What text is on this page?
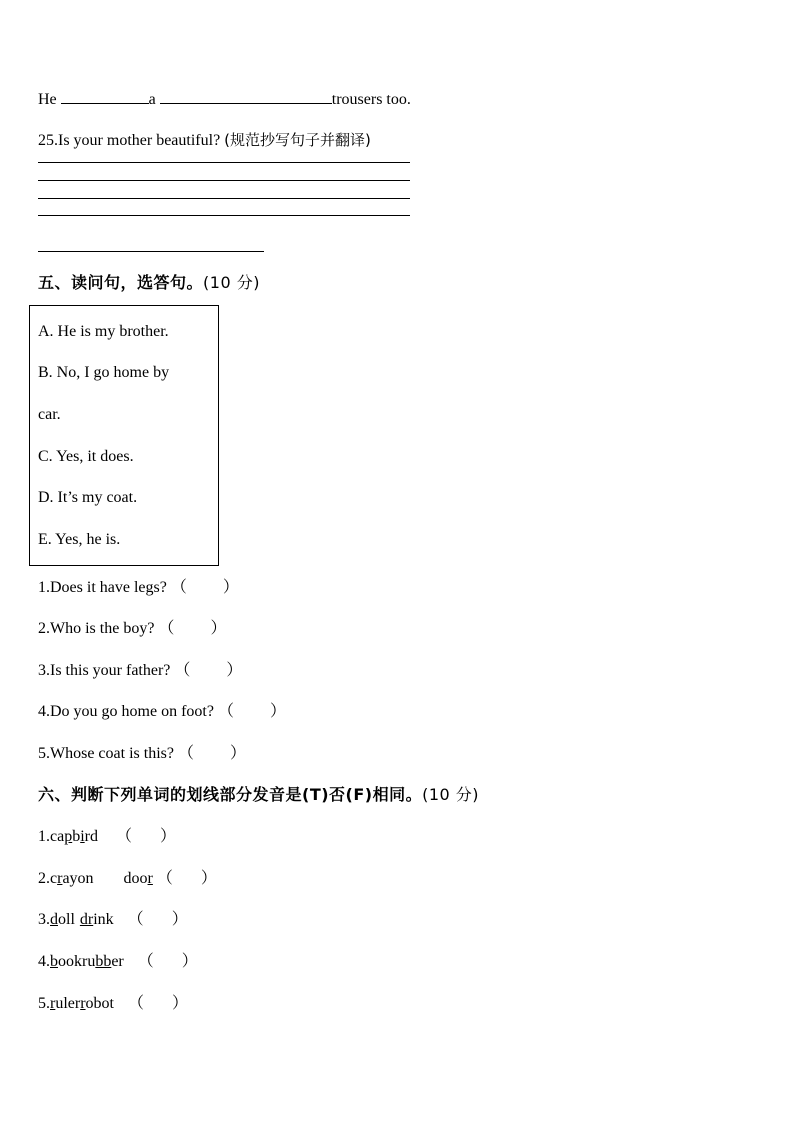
He	a	trousers too.
25.Is your mother beautiful? (规范抄写句子并翻译)
五、读问句，选答句。(10 分)
A. He is my brother.
B. No, I go home by
car.
C. Yes, it does.
D. It’s my coat.
E. Yes, he is.
1.Does it have legs? （ ）
2.Who is the boy? （ ）
3.Is this your father? （ ）
4.Do you go home on foot? （ ）
5.Whose coat is this? （ ）
六、判断下列单词的划线部分发音是(T)否(F)相同。(10 分)
1.capbird （ ）
2.crayon door （ ）
3.doll drink （ ）
4.bookrubber （ ）
5.rulerrobot （ ）
